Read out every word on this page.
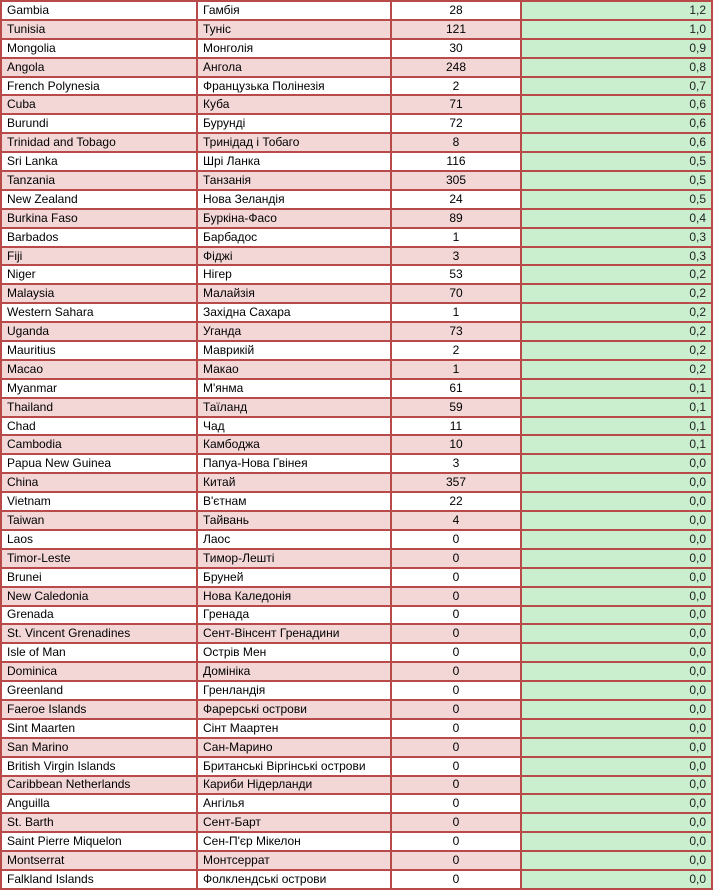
Gambia	Гамбія	28	1,2
Tunisia	Туніс	121	1,0
Mongolia	Монголія	30	0,9
Angola	Ангола	248	0,8
French Polynesia	Французька Полінезія	2	0,7
Cuba	Куба	71	0,6
Burundi	Бурунді	72	0,6
Trinidad and Tobago	Тринідад і Тобаго	8	0,6
Sri Lanka	Шрі Ланка	116	0,5
Tanzania	Танзанія	305	0,5
New Zealand	Нова Зеландія	24	0,5
Burkina Faso	Буркіна-Фасо	89	0,4
Barbados	Барбадос	1	0,3
Fiji	Фіджі	3	0,3
Niger	Нігер	53	0,2
Malaysia	Малайзія	70	0,2
Western Sahara	Західна Сахара	1	0,2
Uganda	Уганда	73	0,2
Mauritius	Маврикій	2	0,2
Macao	Макао	1	0,2
Myanmar	М'янма	61	0,1
Thailand	Таїланд	59	0,1
Chad	Чад	11	0,1
Cambodia	Камбоджа	10	0,1
Papua New Guinea	Папуа-Нова Гвінея	3	0,0
China	Китай	357	0,0
Vietnam	В'єтнам	22	0,0
Taiwan	Тайвань	4	0,0
Laos	Лаос	0	0,0
Timor-Leste	Тимор-Лешті	0	0,0
Brunei	Бруней	0	0,0
New Caledonia	Нова Каледонія	0	0,0
Grenada	Гренада	0	0,0
St. Vincent Grenadines	Сент-Вінсент Гренадини	0	0,0
Isle of Man	Острів Мен	0	0,0
Dominica	Домініка	0	0,0
Greenland	Гренландія	0	0,0
Faeroe Islands	Фарерські острови	0	0,0
Sint Maarten	Сінт Маартен	0	0,0
San Marino	Сан-Марино	0	0,0
British Virgin Islands	Британські Віргінські острови	0	0,0
Caribbean Netherlands	Кариби Нідерланди	0	0,0
Anguilla	Ангілья	0	0,0
St. Barth	Сент-Барт	0	0,0
Saint Pierre Miquelon	Сен-П'єр Мікелон	0	0,0
Montserrat	Монтсеррат	0	0,0
Falkland Islands	Фолклендські острови	0	0,0
